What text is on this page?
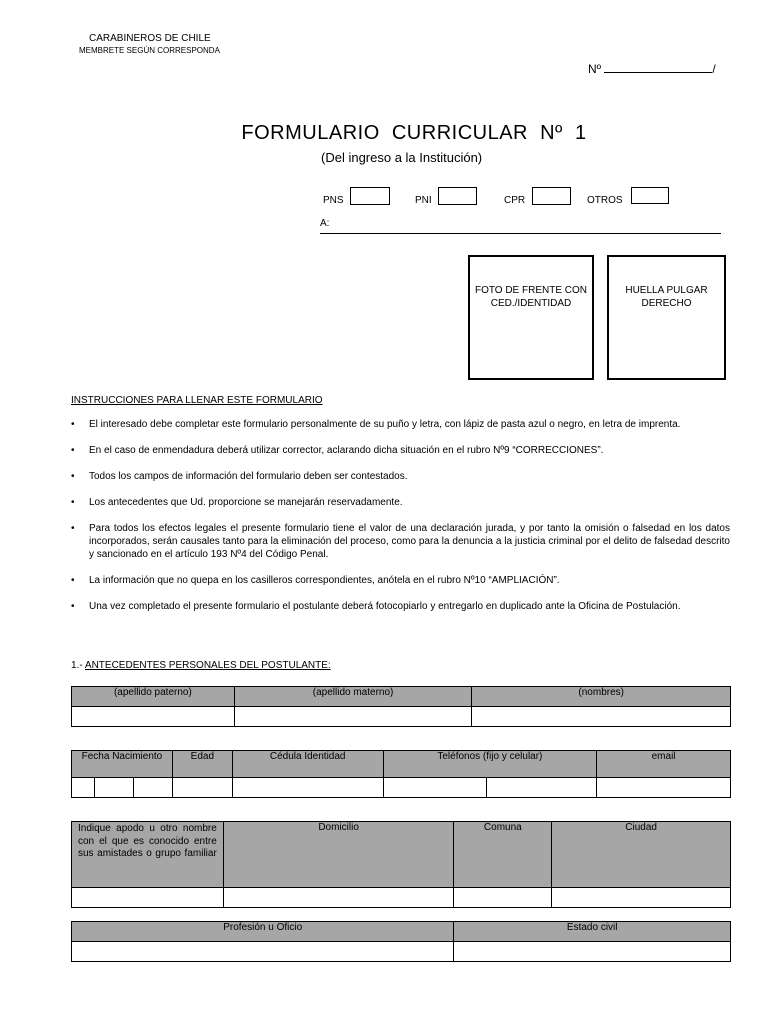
CARABINEROS DE CHILE
MEMBRETE SEGÚN CORRESPONDA
Nº	/
FORMULARIO  CURRICULAR  Nº  1
(Del ingreso a la Institución)
PNS	PNI	CPR	OTROS
A:
FOTO DE FRENTE CON CED./IDENTIDAD
HUELLA PULGAR DERECHO
INSTRUCCIONES PARA LLENAR ESTE FORMULARIO
• El interesado debe completar este formulario personalmente de su puño y letra, con lápiz de pasta azul o negro, en letra de imprenta.
• En el caso de enmendadura deberá utilizar corrector, aclarando dicha situación en el rubro Nº9 “CORRECCIONES”.
• Todos los campos de información del formulario deben ser contestados.
• Los antecedentes que Ud. proporcione se manejarán reservadamente.
• Para todos los efectos legales el presente formulario tiene el valor de una declaración jurada, y por tanto la omisión o falsedad en los datos incorporados, serán causales tanto para la eliminación del proceso, como para la denuncia a la justicia criminal por el delito de falsedad descrito y sancionado en el artículo 193 Nº4 del Código Penal.
• La información que no quepa en los casilleros correspondientes, anótela en el rubro Nº10 “AMPLIACIÓN”.
• Una vez completado el presente formulario el postulante deberá fotocopiarlo y entregarlo en duplicado ante la Oficina de Postulación.
1.- ANTECEDENTES PERSONALES DEL POSTULANTE:
(apellido paterno)	(apellido materno)	(nombres)

Fecha Nacimiento			Edad	Cédula Identidad	Teléfonos (fijo y celular)		email

Indique apodo u otro nombre con el que es conocido entre sus amistades o grupo familiar	Domicilio	Comuna	Ciudad

Profesión u Oficio	Estado civil
